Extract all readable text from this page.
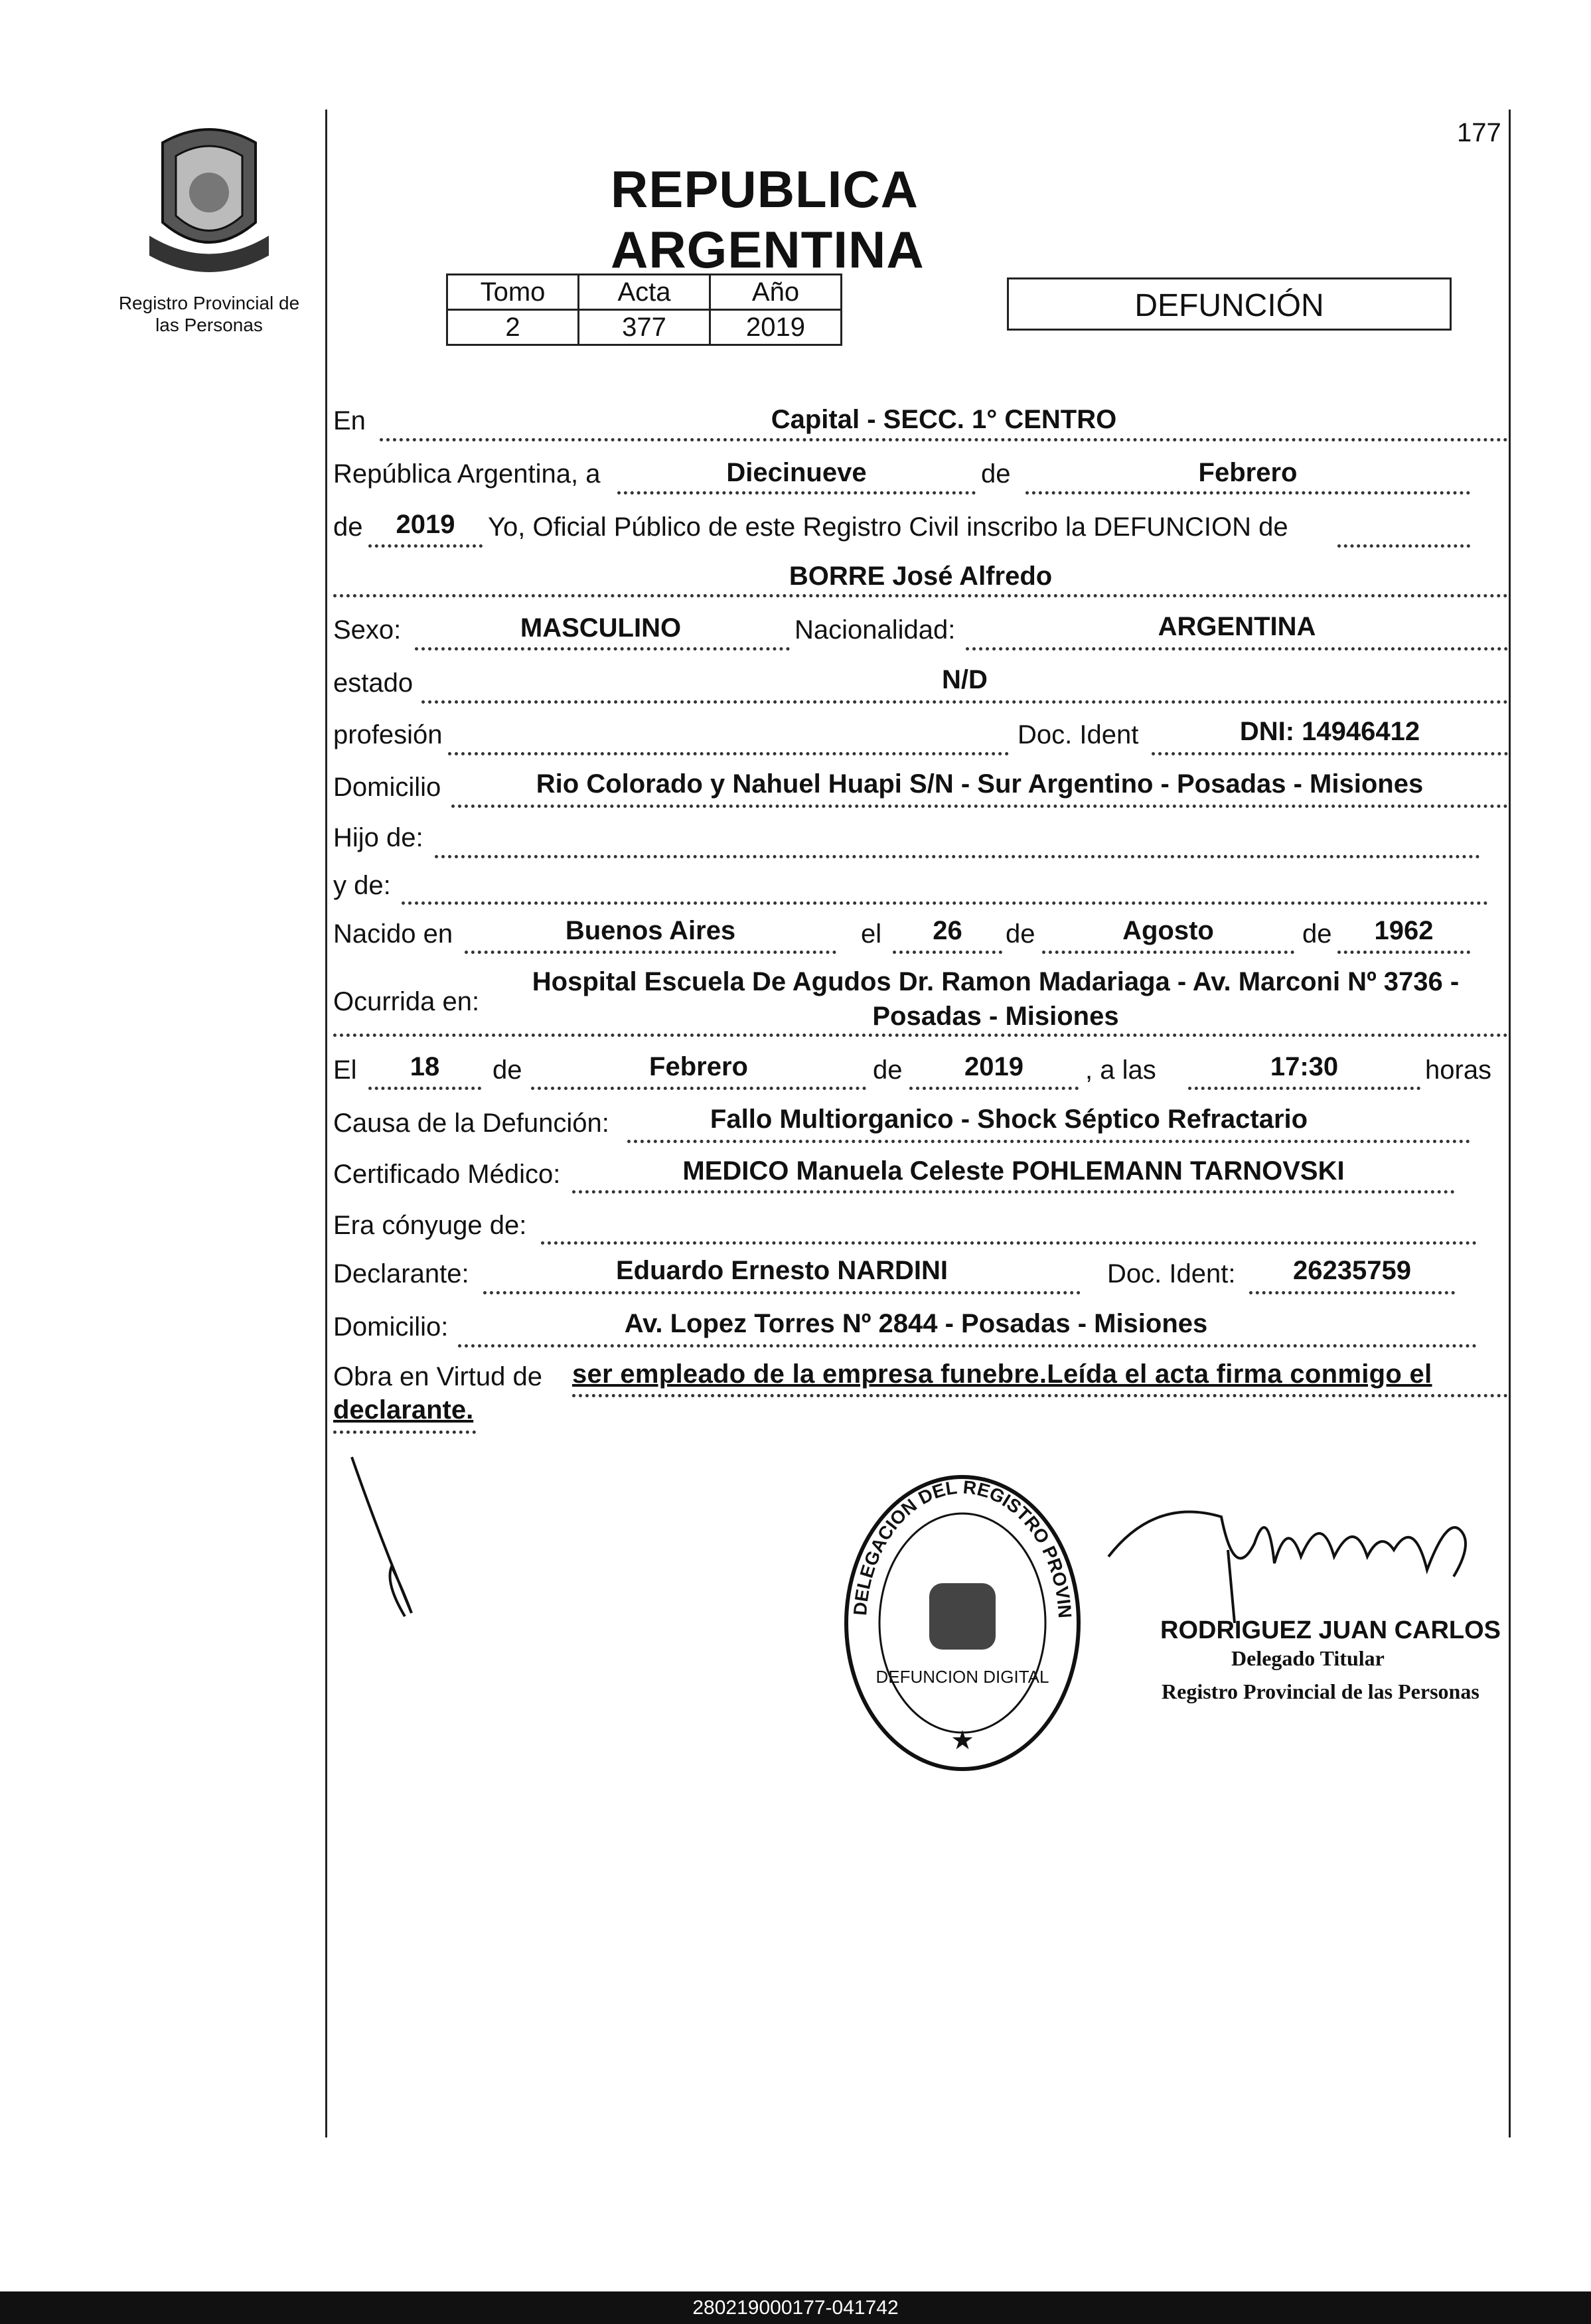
177
Registro Provincial de las Personas
REPUBLICA ARGENTINA
Tomo	Acta	Año
2	377	2019
DEFUNCIÓN
En	Capital - SECC. 1° CENTRO
República Argentina, a	Diecinueve	de	Febrero
de	2019	Yo, Oficial Público de este Registro Civil inscribo la DEFUNCION de
BORRE José Alfredo
Sexo:	MASCULINO	Nacionalidad:	ARGENTINA
estado	N/D
profesión	Doc. Ident	DNI: 14946412
Domicilio	Rio Colorado y Nahuel Huapi S/N - Sur Argentino - Posadas - Misiones
Hijo de:
y de:
Nacido en	Buenos Aires	el	26	de	Agosto	de	1962
Ocurrida en:
Hospital Escuela De Agudos Dr. Ramon Madariaga - Av. Marconi Nº 3736 -
Posadas - Misiones
El	18	de	Febrero	de	2019	, a las	17:30	horas
Causa de la Defunción:	Fallo Multiorganico - Shock Séptico Refractario
Certificado Médico:	MEDICO Manuela Celeste POHLEMANN TARNOVSKI
Era cónyuge de:
Declarante:	Eduardo Ernesto NARDINI	Doc. Ident:	26235759
Domicilio:	Av. Lopez Torres Nº 2844 - Posadas - Misiones
Obra en Virtud de ser empleado de la empresa funebre.Leída el acta firma conmigo el
declarante.
DELEGACION DEL REGISTRO PROVIN
DEFUNCION DIGITAL
★
RODRIGUEZ JUAN CARLOS
Delegado Titular
Registro Provincial de las Personas
280219000177-041742
